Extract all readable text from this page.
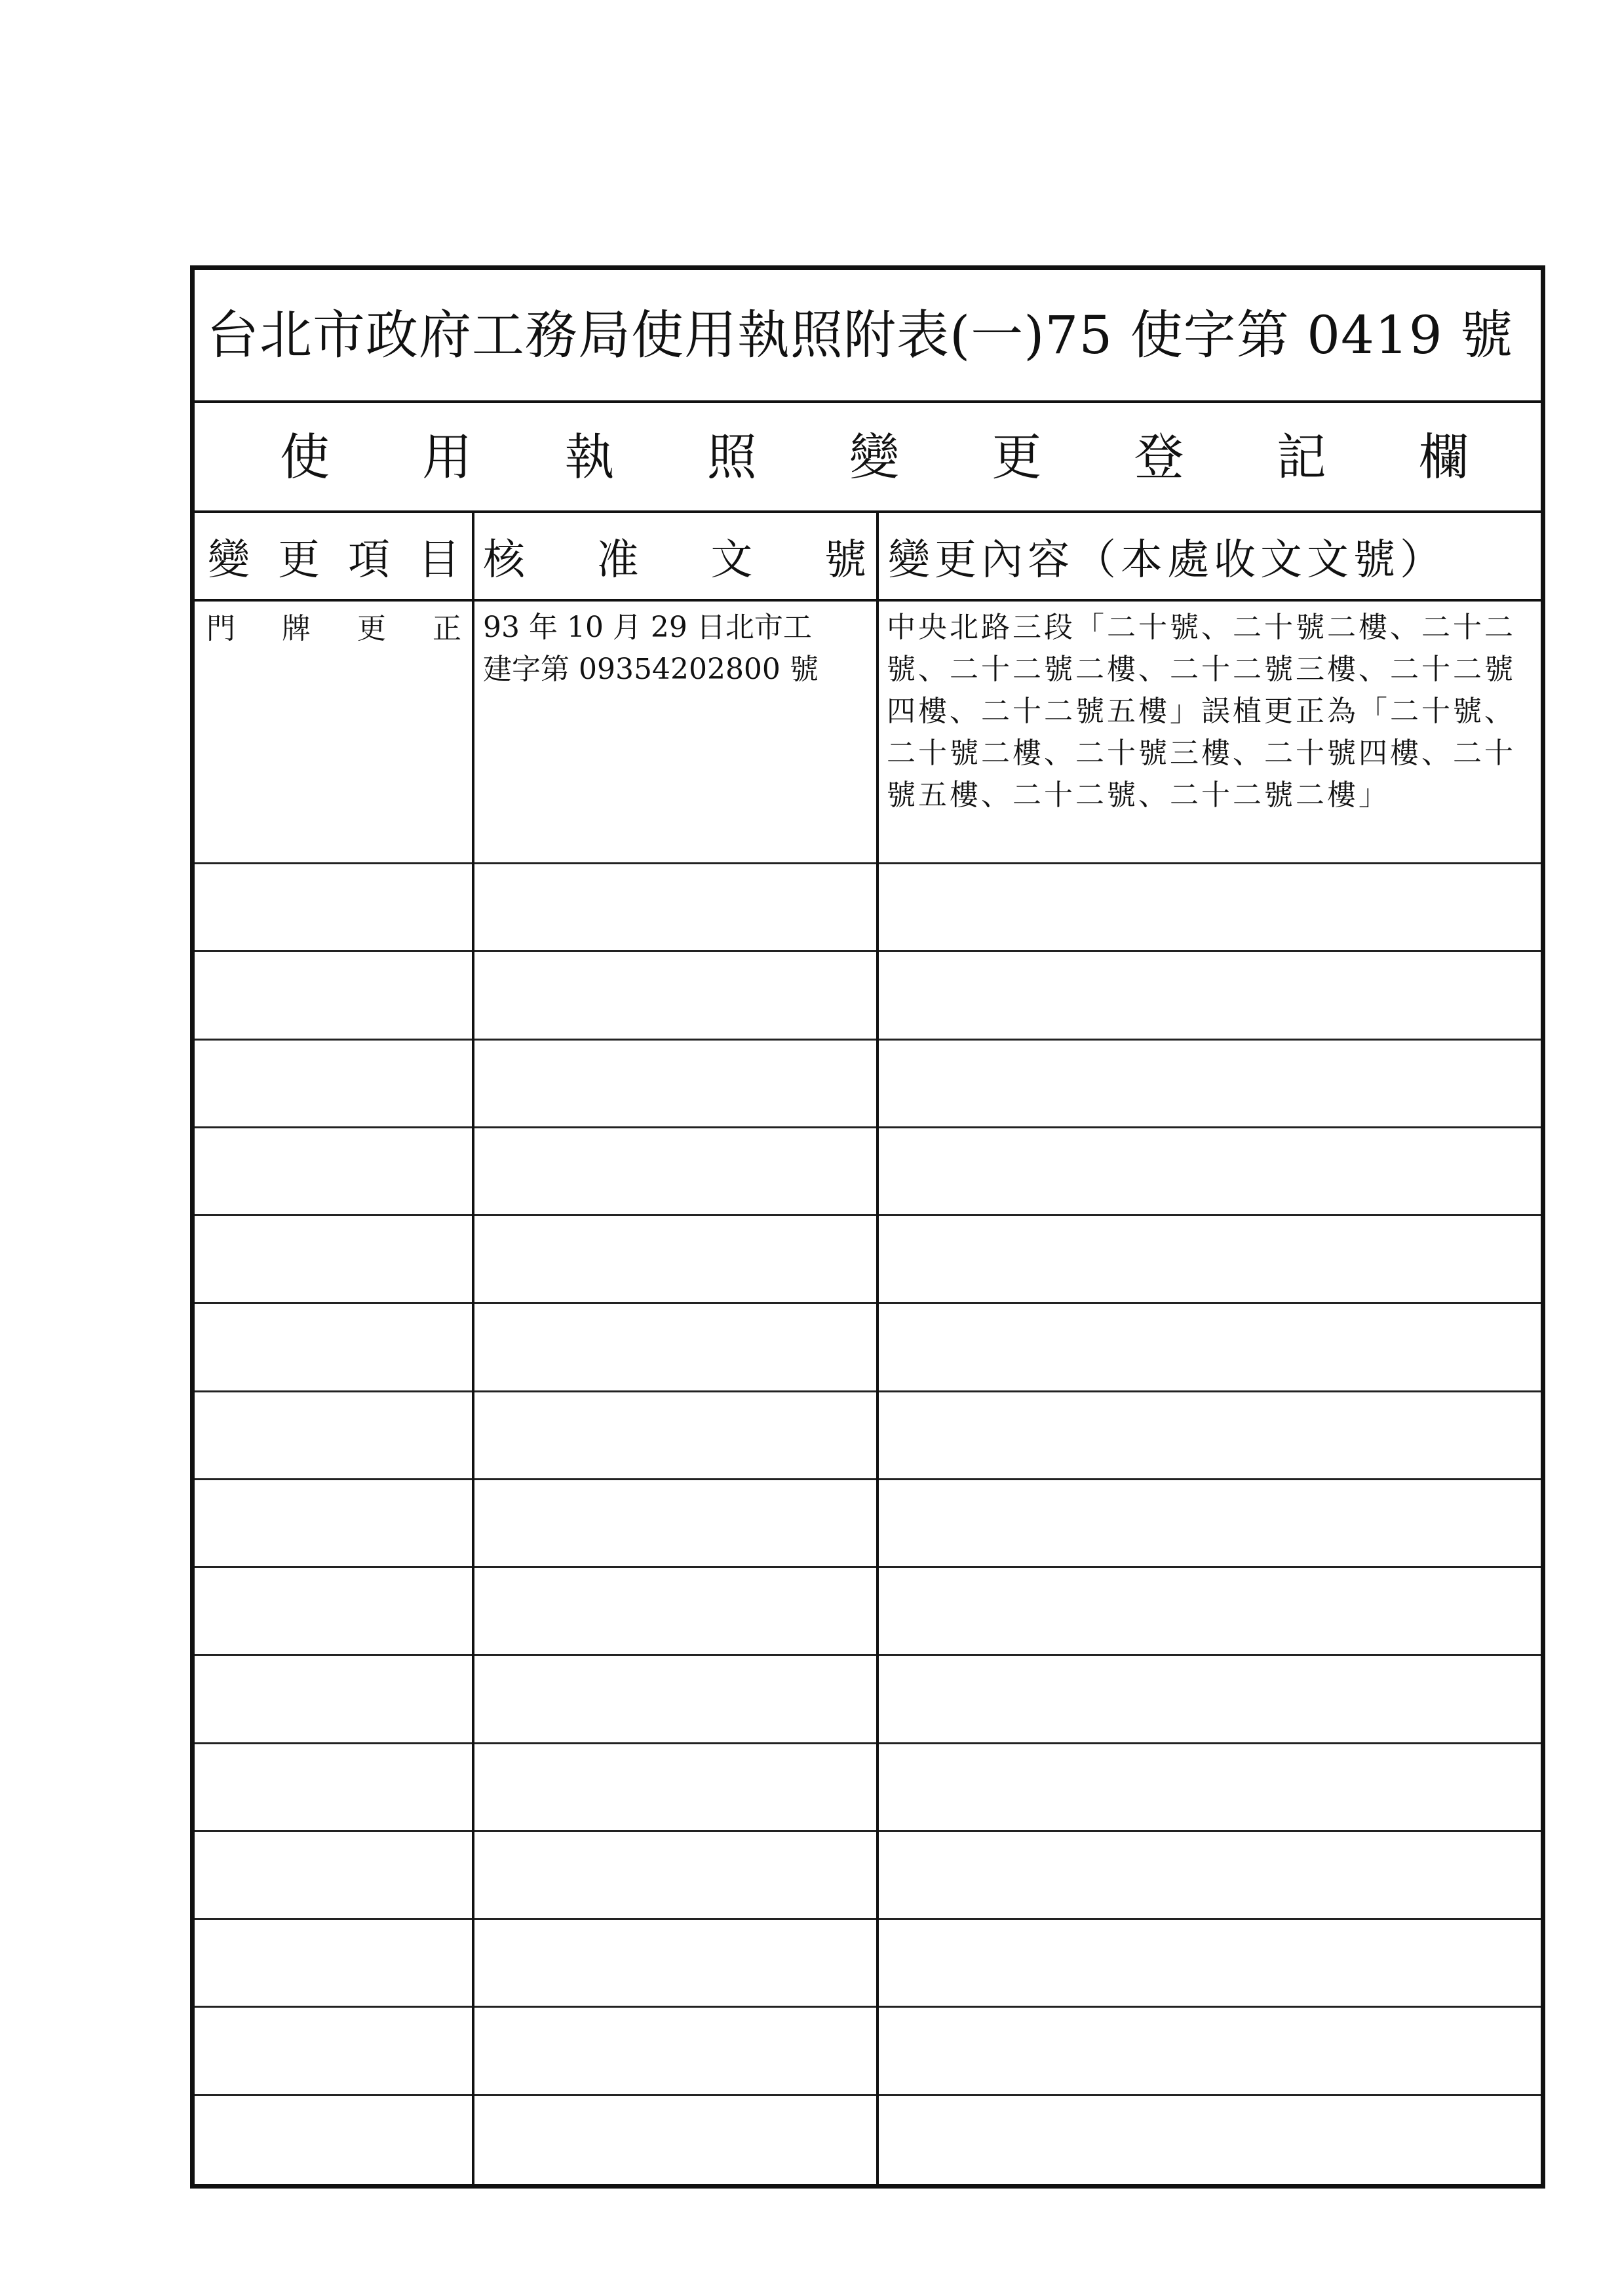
台北市政府工務局使用執照附表(一)75 使字第 0419 號
使 用 執 照 變 更 登 記 欄
變 更 項 目 核 准 文 號 變更內容（本處收文文號）
門 牌 更 正 93 年 10 月 29 日北市工
建字第 09354202800 號
中央北路三段「二十號、二十號二樓、二十二號、二十二號二樓、二十二號三樓、二十二號四樓、二十二號五樓」誤植更正為「二十號、二十號二樓、二十號三樓、二十號四樓、二十號五樓、二十二號、二十二號二樓」
